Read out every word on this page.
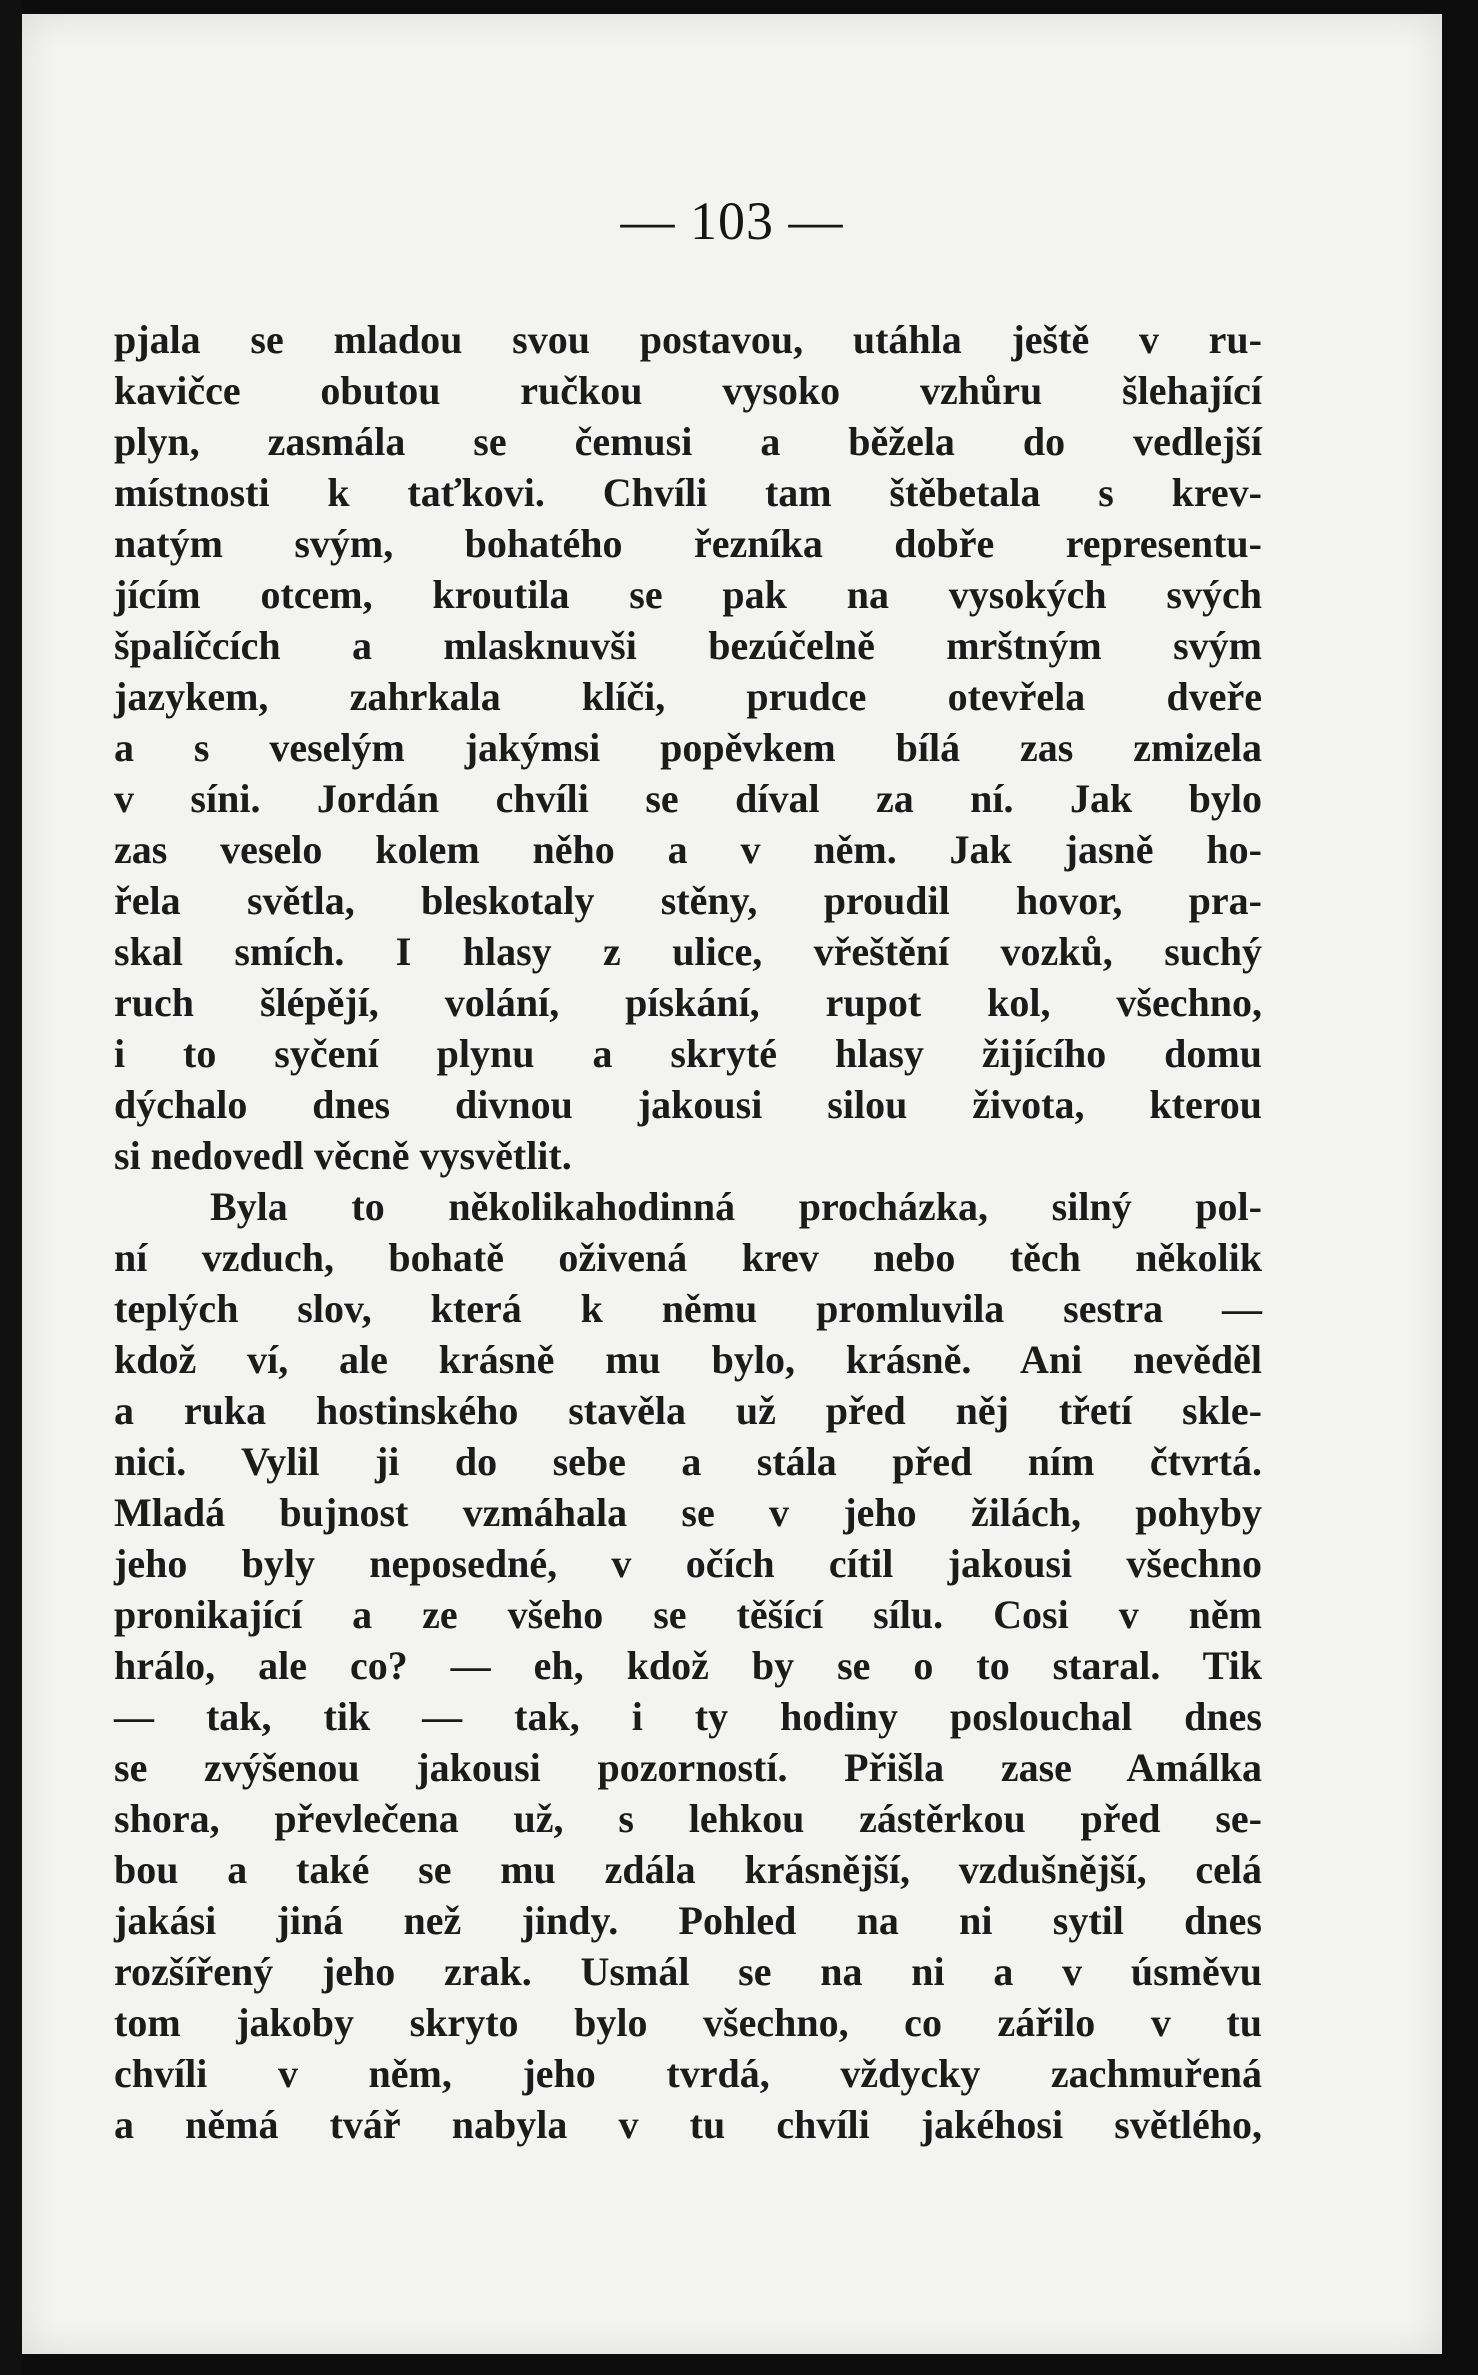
— 103 —
pjala se mladou svou postavou, utáhla ještě v ru-
kavičce obutou ručkou vysoko vzhůru šlehající
plyn, zasmála se čemusi a běžela do vedlejší
místnosti k taťkovi. Chvíli tam štěbetala s krev-
natým svým, bohatého řezníka dobře representu-
jícím otcem, kroutila se pak na vysokých svých
špalíčcích a mlasknuvši bezúčelně mrštným svým
jazykem, zahrkala klíči, prudce otevřela dveře
a s veselým jakýmsi popěvkem bílá zas zmizela
v síni. Jordán chvíli se díval za ní. Jak bylo
zas veselo kolem něho a v něm. Jak jasně ho-
řela světla, bleskotaly stěny, proudil hovor, pra-
skal smích. I hlasy z ulice, vřeštění vozků, suchý
ruch šlépějí, volání, pískání, rupot kol, všechno,
i to syčení plynu a skryté hlasy žijícího domu
dýchalo dnes divnou jakousi silou života, kterou
si nedovedl věcně vysvětlit.
Byla to několikahodinná procházka, silný pol-
ní vzduch, bohatě oživená krev nebo těch několik
teplých slov, která k němu promluvila sestra —
kdož ví, ale krásně mu bylo, krásně. Ani nevěděl
a ruka hostinského stavěla už před něj třetí skle-
nici. Vylil ji do sebe a stála před ním čtvrtá.
Mladá bujnost vzmáhala se v jeho žilách, pohyby
jeho byly neposedné, v očích cítil jakousi všechno
pronikající a ze všeho se těšící sílu. Cosi v něm
hrálo, ale co? — eh, kdož by se o to staral. Tik
— tak, tik — tak, i ty hodiny poslouchal dnes
se zvýšenou jakousi pozorností. Přišla zase Amálka
shora, převlečena už, s lehkou zástěrkou před se-
bou a také se mu zdála krásnější, vzdušnější, celá
jakási jiná než jindy. Pohled na ni sytil dnes
rozšířený jeho zrak. Usmál se na ni a v úsměvu
tom jakoby skryto bylo všechno, co zářilo v tu
chvíli v něm, jeho tvrdá, vždycky zachmuřená
a němá tvář nabyla v tu chvíli jakéhosi světlého,
